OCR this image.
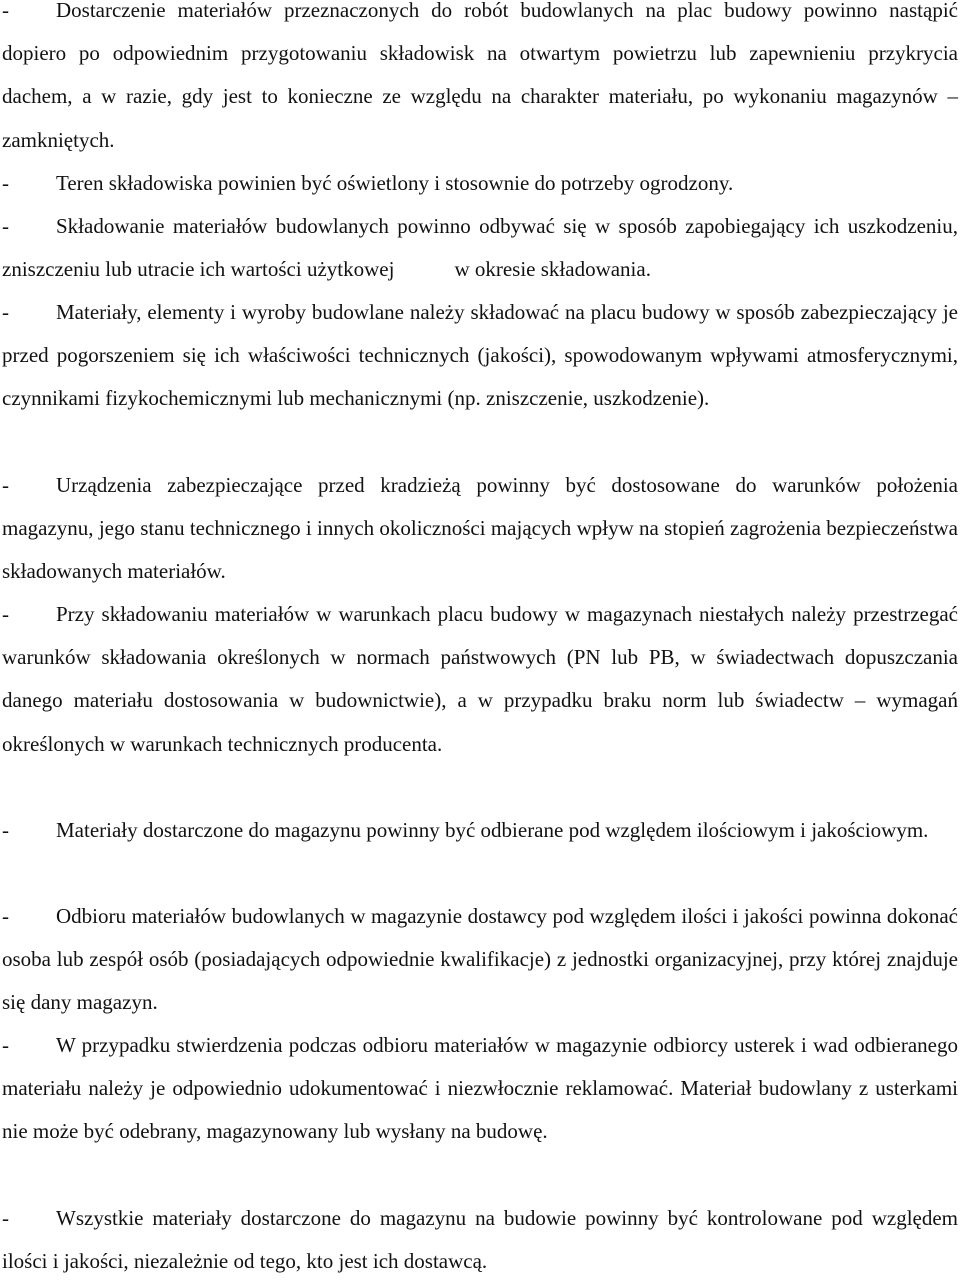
- Dostarczenie materiałów przeznaczonych do robót budowlanych na plac budowy powinno nastąpić dopiero po odpowiednim przygotowaniu składowisk na otwartym powietrzu lub zapewnieniu przykrycia dachem, a w razie, gdy jest to konieczne ze względu na charakter materiału, po wykonaniu magazynów – zamkniętych.

- Teren składowiska powinien być oświetlony i stosownie do potrzeby ogrodzony.

- Składowanie materiałów budowlanych powinno odbywać się w sposób zapobiegający ich uszkodzeniu, zniszczeniu lub utracie ich wartości użytkowej	w okresie składowania.

- Materiały, elementy i wyroby budowlane należy składować na placu budowy w sposób zabezpieczający je przed pogorszeniem się ich właściwości technicznych (jakości), spowodowanym wpływami atmosferycznymi, czynnikami fizykochemicznymi lub mechanicznymi (np. zniszczenie, uszkodzenie).

- Urządzenia zabezpieczające przed kradzieżą powinny być dostosowane do warunków położenia magazynu, jego stanu technicznego i innych okoliczności mających wpływ na stopień zagrożenia bezpieczeństwa składowanych materiałów.

- Przy składowaniu materiałów w warunkach placu budowy w magazynach niestałych należy przestrzegać warunków składowania określonych w normach państwowych (PN lub PB, w świadectwach dopuszczania danego materiału dostosowania w budownictwie), a w przypadku braku norm lub świadectw – wymagań określonych w warunkach technicznych producenta.

- Materiały dostarczone do magazynu powinny być odbierane pod względem ilościowym i jakościowym.

- Odbioru materiałów budowlanych w magazynie dostawcy pod względem ilości i jakości powinna dokonać osoba lub zespół osób (posiadających odpowiednie kwalifikacje) z jednostki organizacyjnej, przy której znajduje się dany magazyn.

- W przypadku stwierdzenia podczas odbioru materiałów w magazynie odbiorcy usterek i wad odbieranego materiału należy je odpowiednio udokumentować i niezwłocznie reklamować. Materiał budowlany z usterkami nie może być odebrany, magazynowany lub wysłany na budowę.

- Wszystkie materiały dostarczone do magazynu na budowie powinny być kontrolowane pod względem ilości i jakości, niezależnie od tego, kto jest ich dostawcą.
